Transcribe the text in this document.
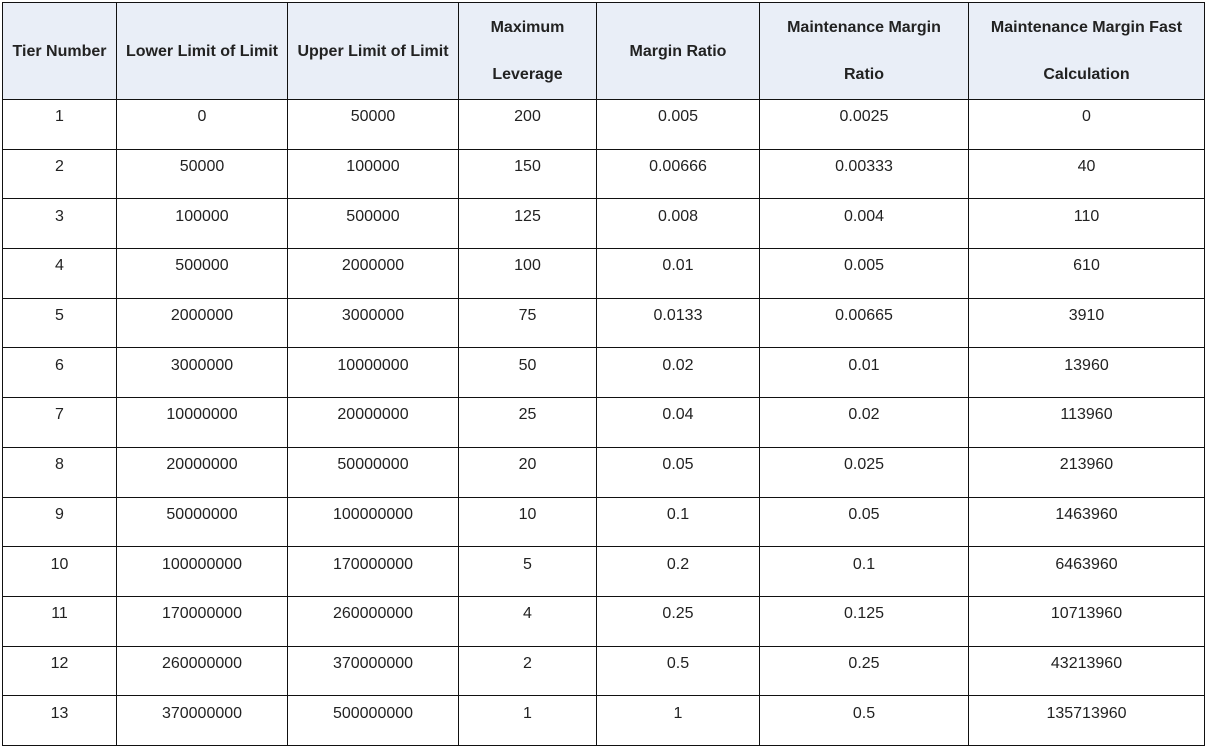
Tier Number	Lower Limit of Limit	Upper Limit of Limit	Maximum Leverage	Margin Ratio	Maintenance Margin Ratio	Maintenance Margin Fast Calculation
1	0	50000	200	0.005	0.0025	0
2	50000	100000	150	0.00666	0.00333	40
3	100000	500000	125	0.008	0.004	110
4	500000	2000000	100	0.01	0.005	610
5	2000000	3000000	75	0.0133	0.00665	3910
6	3000000	10000000	50	0.02	0.01	13960
7	10000000	20000000	25	0.04	0.02	113960
8	20000000	50000000	20	0.05	0.025	213960
9	50000000	100000000	10	0.1	0.05	1463960
10	100000000	170000000	5	0.2	0.1	6463960
11	170000000	260000000	4	0.25	0.125	10713960
12	260000000	370000000	2	0.5	0.25	43213960
13	370000000	500000000	1	1	0.5	135713960
